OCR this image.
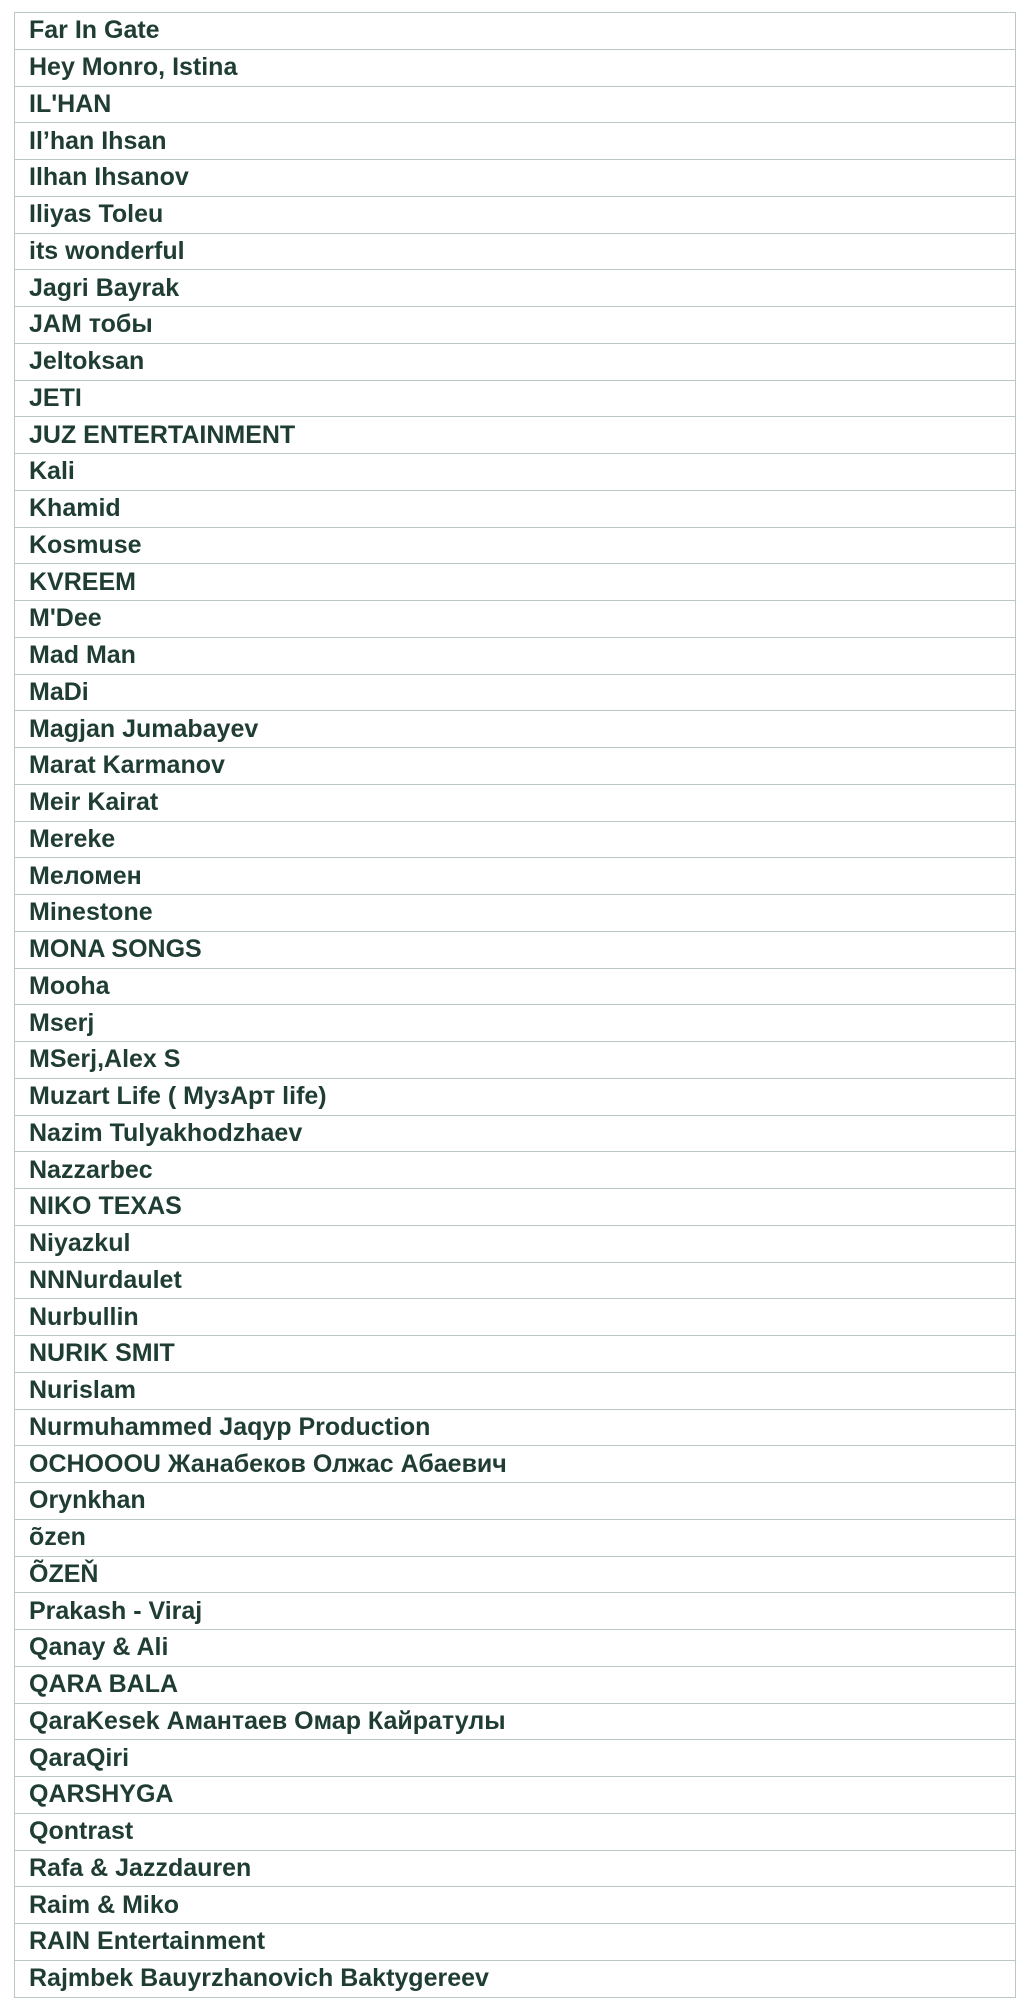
Far In Gate
Hey Monro, Istina
IL'HAN
Il’han Ihsan
Ilhan Ihsanov
Iliyas Toleu
its wonderful
Jagri Bayrak
JAM тобы
Jeltoksan
JETI
JUZ ENTERTAINMENT
Kali
Khamid
Kosmuse
KVREEM
M'Dee
Mad Man
MaDi
Magjan Jumabayev
Marat Karmanov
Meir Kairat
Mereke
Меломен
Minestone
MONA SONGS
Mooha
Mserj
MSerj,Alex S
Muzart Life ( МузАрт life)
Nazim Tulyakhodzhaev
Nazzarbec
NIKO TEXAS
Niyazkul
NNNurdaulet
Nurbullin
NURIK SMIT
Nurislam
Nurmuhammed Jaqyp Production
OCHOOOU Жанабеков Олжас Абаевич
Orynkhan
õzen
ÕZEŇ
Prakash - Viraj
Qanay & Ali
QARA BALA
QaraKesek Амантаев Омар Кайратулы
QaraQiri
QARSHYGA
Qontrast
Rafa & Jazzdauren
Raim & Miko
RAIN Entertainment
Rajmbek Bauyrzhanovich Baktygereev
